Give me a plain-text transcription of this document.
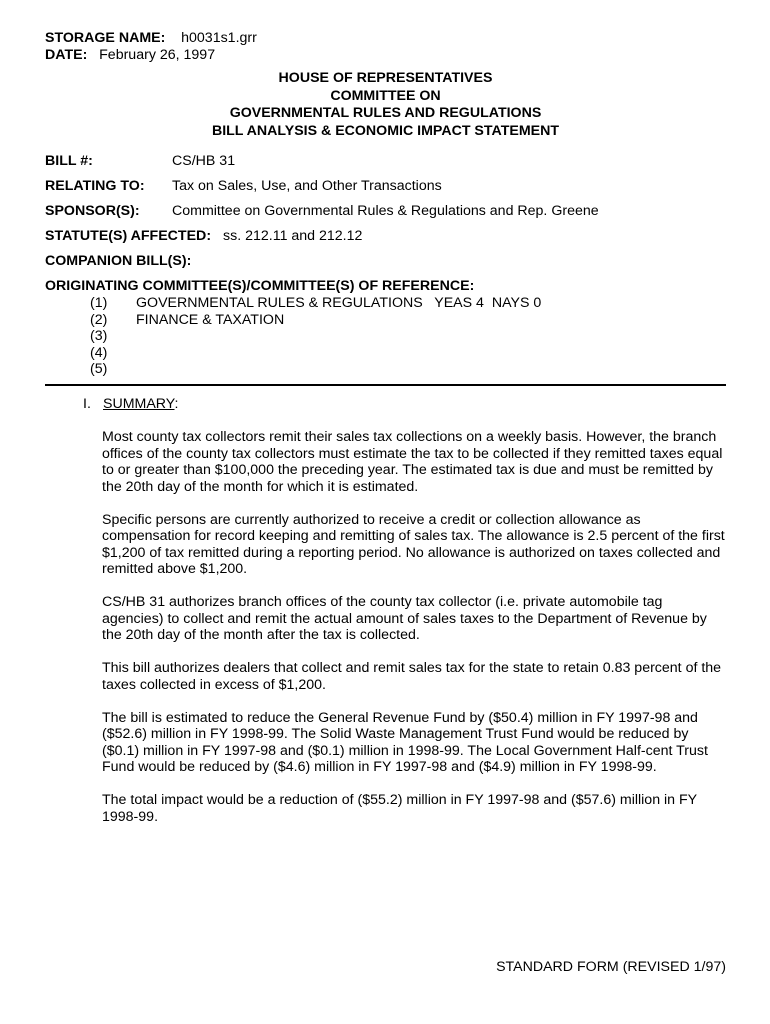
STORAGE NAME: h0031s1.grr
DATE: February 26, 1997
HOUSE OF REPRESENTATIVES
COMMITTEE ON
GOVERNMENTAL RULES AND REGULATIONS
BILL ANALYSIS & ECONOMIC IMPACT STATEMENT
BILL #:	CS/HB 31
RELATING TO: Tax on Sales, Use, and Other Transactions
SPONSOR(S): Committee on Governmental Rules & Regulations and Rep. Greene
STATUTE(S) AFFECTED: ss. 212.11 and 212.12
COMPANION BILL(S):
ORIGINATING COMMITTEE(S)/COMMITTEE(S) OF REFERENCE:
(1) GOVERNMENTAL RULES & REGULATIONS   YEAS 4  NAYS 0
(2) FINANCE & TAXATION
(3)
(4)
(5)
I. SUMMARY:

Most county tax collectors remit their sales tax collections on a weekly basis. However, the branch offices of the county tax collectors must estimate the tax to be collected if they remitted taxes equal to or greater than $100,000 the preceding year. The estimated tax is due and must be remitted by the 20th day of the month for which it is estimated.

Specific persons are currently authorized to receive a credit or collection allowance as compensation for record keeping and remitting of sales tax. The allowance is 2.5 percent of the first $1,200 of tax remitted during a reporting period. No allowance is authorized on taxes collected and remitted above $1,200.

CS/HB 31 authorizes branch offices of the county tax collector (i.e. private automobile tag agencies) to collect and remit the actual amount of sales taxes to the Department of Revenue by the 20th day of the month after the tax is collected.

This bill authorizes dealers that collect and remit sales tax for the state to retain 0.83 percent of the taxes collected in excess of $1,200.

The bill is estimated to reduce the General Revenue Fund by ($50.4) million in FY 1997-98 and ($52.6) million in FY 1998-99. The Solid Waste Management Trust Fund would be reduced by ($0.1) million in FY 1997-98 and ($0.1) million in 1998-99. The Local Government Half-cent Trust Fund would be reduced by ($4.6) million in FY 1997-98 and ($4.9) million in FY 1998-99.

The total impact would be a reduction of ($55.2) million in FY 1997-98 and ($57.6) million in FY 1998-99.

STANDARD FORM (REVISED 1/97)
